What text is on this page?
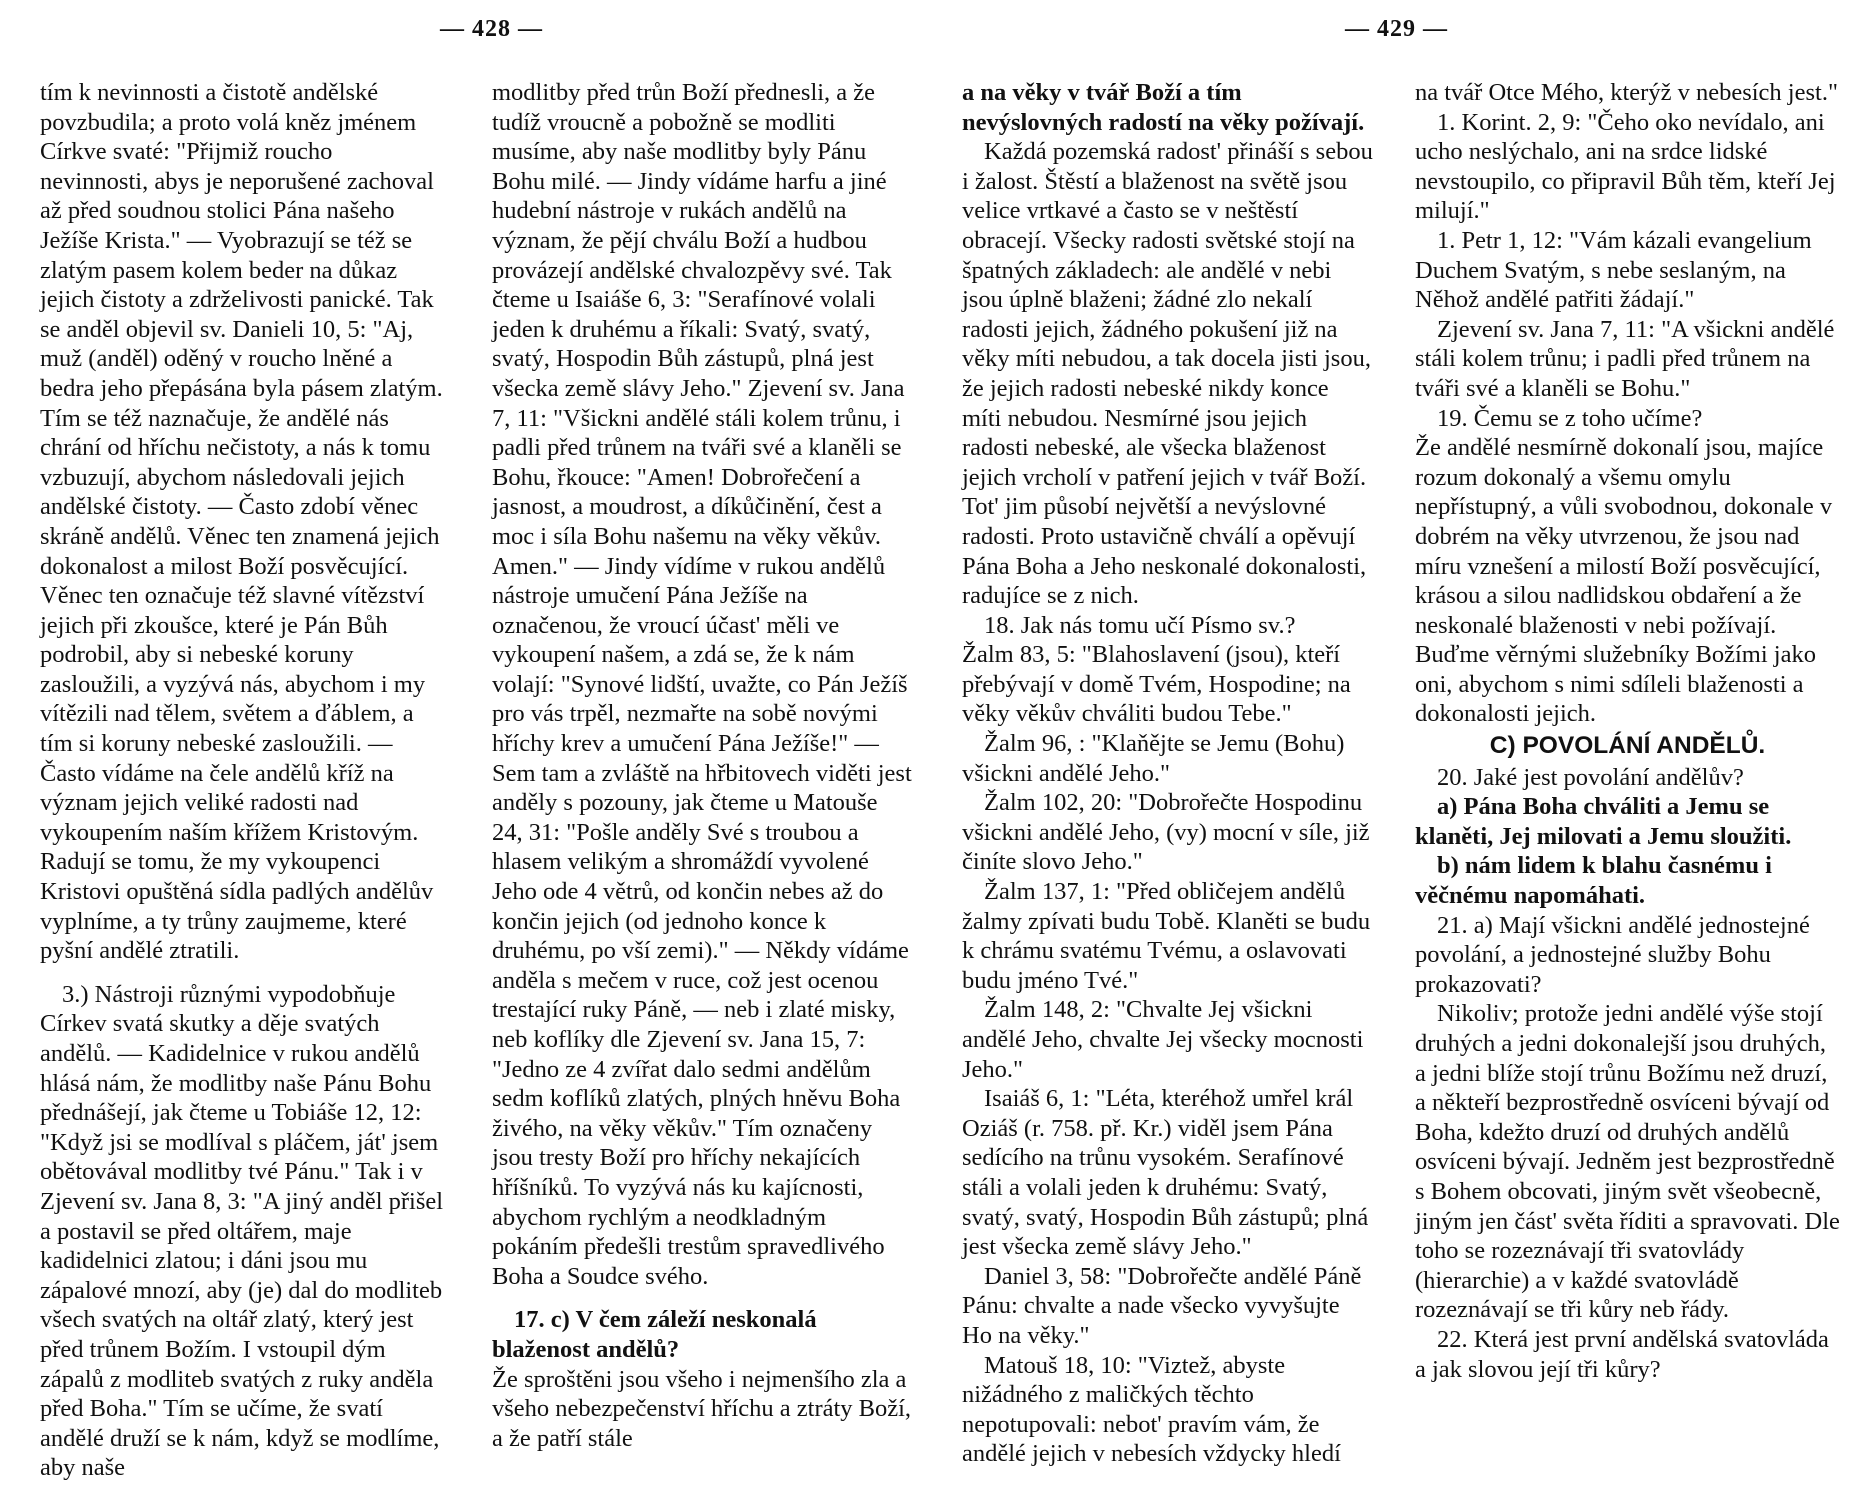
— 428 —	— 429 —

tím k nevinnosti a čistotě andělské povzbudila; a proto volá kněz jménem Církve svaté: "Přijmiž roucho nevinnosti, abys je neporušené zachoval až před soudnou stolici Pána našeho Ježíše Krista." — Vyobrazují se též se zlatým pasem kolem beder na důkaz jejich čistoty a zdrželivosti panické. Tak se anděl objevil sv. Danieli 10, 5: "Aj, muž (anděl) oděný v roucho lněné a bedra jeho přepásána byla pásem zlatým. Tím se též naznačuje, že andělé nás chrání od hříchu nečistoty, a nás k tomu vzbuzují, abychom následovali jejich andělské čistoty. — Často zdobí věnec skráně andělů. Věnec ten znamená jejich dokonalost a milost Boží posvěcující. Věnec ten označuje též slavné vítězství jejich při zkoušce, které je Pán Bůh podrobil, aby si nebeské koruny zasloužili, a vyzývá nás, abychom i my vítězili nad tělem, světem a ďáblem, a tím si koruny nebeské zasloužili. — Často vídáme na čele andělů kříž na význam jejich veliké radosti nad vykoupením naším křížem Kristovým. Radují se tomu, že my vykoupenci Kristovi opuštěná sídla padlých andělův vyplníme, a ty trůny zaujmeme, které pyšní andělé ztratili.

3.) Nástroji různými vypodobňuje Církev svatá skutky a děje svatých andělů. — Kadidelnice v rukou andělů hlásá nám, že modlitby naše Pánu Bohu přednášejí, jak čteme u Tobiáše 12, 12: "Když jsi se modlíval s pláčem, ját' jsem obětovával modlitby tvé Pánu." Tak i v Zjevení sv. Jana 8, 3: "A jiný anděl přišel a postavil se před oltářem, maje kadidelnici zlatou; i dáni jsou mu zápalové mnozí, aby (je) dal do modliteb všech svatých na oltář zlatý, který jest před trůnem Božím. I vstoupil dým zápalů z modliteb svatých z ruky anděla před Boha." Tím se učíme, že svatí andělé druží se k nám, když se modlíme, aby naše

modlitby před trůn Boží přednesli, a že tudíž vroucně a pobožně se modliti musíme, aby naše modlitby byly Pánu Bohu milé. — Jindy vídáme harfu a jiné hudební nástroje v rukách andělů na význam, že pějí chválu Boží a hudbou provázejí andělské chvalozpěvy své. Tak čteme u Isaiáše 6, 3: "Serafínové volali jeden k druhému a říkali: Svatý, svatý, svatý, Hospodin Bůh zástupů, plná jest všecka země slávy Jeho." Zjevení sv. Jana 7, 11: "Všickni andělé stáli kolem trůnu, i padli před trůnem na tváři své a klaněli se Bohu, řkouce: "Amen! Dobrořečení a jasnost, a moudrost, a díkůčinění, čest a moc i síla Bohu našemu na věky věkův. Amen." — Jindy vídíme v rukou andělů nástroje umučení Pána Ježíše na označenou, že vroucí účast' měli ve vykoupení našem, a zdá se, že k nám volají: "Synové lidští, uvažte, co Pán Ježíš pro vás trpěl, nezmařte na sobě novými hříchy krev a umučení Pána Ježíše!" — Sem tam a zvláště na hřbitovech viděti jest anděly s pozouny, jak čteme u Matouše 24, 31: "Pošle anděly Své s troubou a hlasem velikým a shromáždí vyvolené Jeho ode 4 větrů, od končin nebes až do končin jejich (od jednoho konce k druhému, po vší zemi)." — Někdy vídáme anděla s mečem v ruce, což jest ocenou trestající ruky Páně, — neb i zlaté misky, neb koflíky dle Zjevení sv. Jana 15, 7: "Jedno ze 4 zvířat dalo sedmi andělům sedm koflíků zlatých, plných hněvu Boha živého, na věky věkův." Tím označeny jsou tresty Boží pro hříchy nekajících hříšníků. To vyzývá nás ku kajícnosti, abychom rychlým a neodkladným pokáním předešli trestům spravedlivého Boha a Soudce svého.

17. c) V čem záleží neskonalá blaženost andělů?

Že sproštěni jsou všeho i nejmenšího zla a všeho nebezpečenství hříchu a ztráty Boží, a že patří stále

a na věky v tvář Boží a tím nevýslovných radostí na věky požívají.

Každá pozemská radost' přináší s sebou i žalost. Štěstí a blaženost na světě jsou velice vrtkavé a často se v neštěstí obracejí. Všecky radosti světské stojí na špatných základech: ale andělé v nebi jsou úplně blaženi; žádné zlo nekalí radosti jejich, žádného pokušení již na věky míti nebudou, a tak docela jisti jsou, že jejich radosti nebeské nikdy konce míti nebudou. Nesmírné jsou jejich radosti nebeské, ale všecka blaženost jejich vrcholí v patření jejich v tvář Boží. Tot' jim působí největší a nevýslovné radosti. Proto ustavičně chválí a opěvují Pána Boha a Jeho neskonalé dokonalosti, radujíce se z nich.

18. Jak nás tomu učí Písmo sv.?

Žalm 83, 5: "Blahoslavení (jsou), kteří přebývají v domě Tvém, Hospodine; na věky věkův chváliti budou Tebe."

Žalm 96, : "Klaňějte se Jemu (Bohu) všickni andělé Jeho."

Žalm 102, 20: "Dobrořečte Hospodinu všickni andělé Jeho, (vy) mocní v síle, již činíte slovo Jeho."

Žalm 137, 1: "Před obličejem andělů žalmy zpívati budu Tobě. Klaněti se budu k chrámu svatému Tvému, a oslavovati budu jméno Tvé."

Žalm 148, 2: "Chvalte Jej všickni andělé Jeho, chvalte Jej všecky mocnosti Jeho."

Isaiáš 6, 1: "Léta, kteréhož umřel král Oziáš (r. 758. př. Kr.) viděl jsem Pána sedícího na trůnu vysokém. Serafínové stáli a volali jeden k druhému: Svatý, svatý, svatý, Hospodin Bůh zástupů; plná jest všecka země slávy Jeho."

Daniel 3, 58: "Dobrořečte andělé Páně Pánu: chvalte a nade všecko vyvyšujte Ho na věky."

Matouš 18, 10: "Viztež, abyste nižádného z maličkých těchto nepotupovali: nebot' pravím vám, že andělé jejich v nebesích vždycky hledí

na tvář Otce Mého, kterýž v nebesích jest."

1. Korint. 2, 9: "Čeho oko nevídalo, ani ucho neslýchalo, ani na srdce lidské nevstoupilo, co připravil Bůh těm, kteří Jej milují."

1. Petr 1, 12: "Vám kázali evangelium Duchem Svatým, s nebe seslaným, na Něhož andělé patřiti žádají."

Zjevení sv. Jana 7, 11: "A všickni andělé stáli kolem trůnu; i padli před trůnem na tváři své a klaněli se Bohu."

19. Čemu se z toho učíme?

Že andělé nesmírně dokonalí jsou, majíce rozum dokonalý a všemu omylu nepřístupný, a vůli svobodnou, dokonale v dobrém na věky utvrzenou, že jsou nad míru vznešení a milostí Boží posvěcující, krásou a silou nadlidskou obdaření a že neskonalé blaženosti v nebi požívají. Buďme věrnými služebníky Božími jako oni, abychom s nimi sdíleli blaženosti a dokonalosti jejich.

C) POVOLÁNÍ ANDĚLŮ.

20. Jaké jest povolání andělův?

a) Pána Boha chváliti a Jemu se klaněti, Jej milovati a Jemu sloužiti.

b) nám lidem k blahu časnému i věčnému napomáhati.

21. a) Mají všickni andělé jednostejné povolání, a jednostejné služby Bohu prokazovati?

Nikoliv; protože jedni andělé výše stojí druhých a jedni dokonalejší jsou druhých, a jedni blíže stojí trůnu Božímu než druzí, a někteří bezprostředně osvíceni bývají od Boha, kdežto druzí od druhých andělů osvíceni bývají. Jedněm jest bezprostředně s Bohem obcovati, jiným svět všeobecně, jiným jen část' světa říditi a spravovati. Dle toho se rozeznávají tři svatovlády (hierarchie) a v každé svatovládě rozeznávají se tři kůry neb řády.

22. Která jest první andělská svatovláda a jak slovou její tři kůry?
